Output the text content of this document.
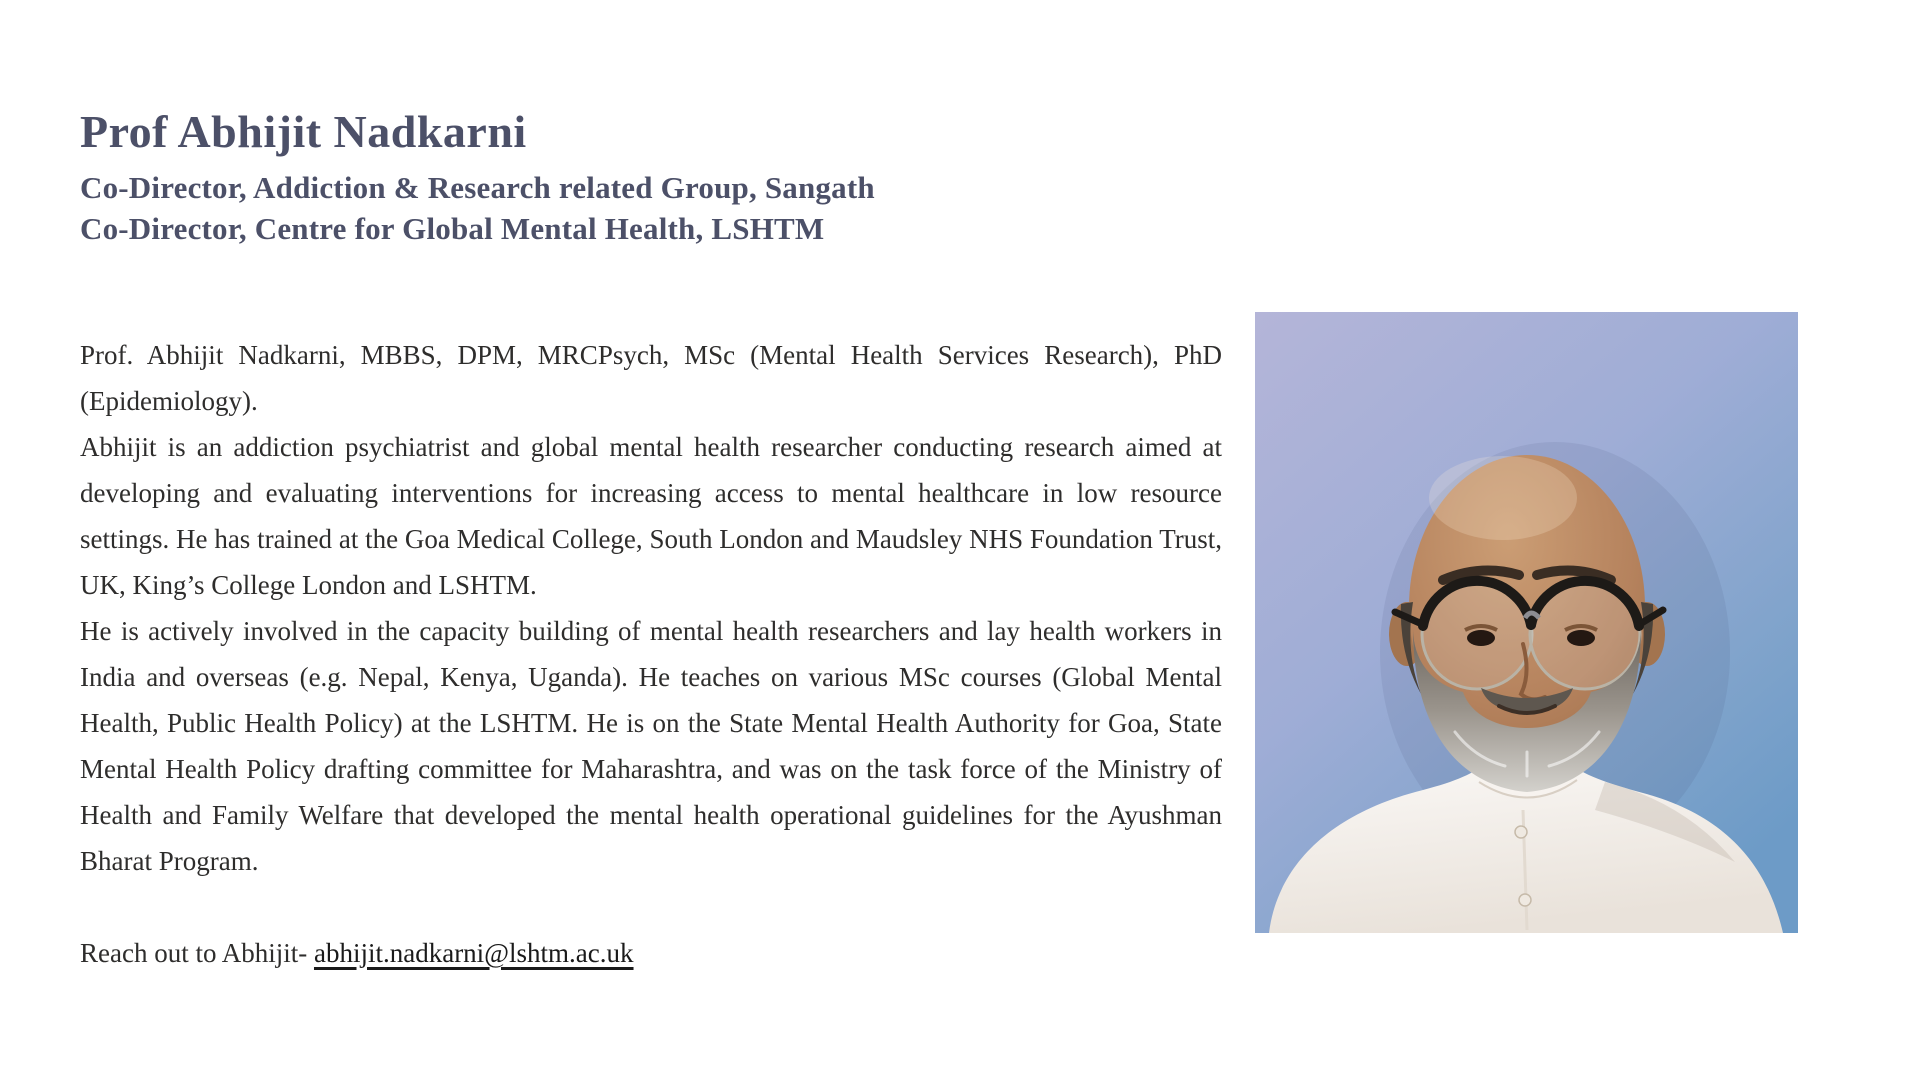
Prof Abhijit Nadkarni
Co-Director, Addiction & Research related Group, Sangath
Co-Director, Centre for Global Mental Health, LSHTM

Prof. Abhijit Nadkarni, MBBS, DPM, MRCPsych, MSc (Mental Health Services Research), PhD (Epidemiology).

Abhijit is an addiction psychiatrist and global mental health researcher conducting research aimed at developing and evaluating interventions for increasing access to mental healthcare in low resource settings. He has trained at the Goa Medical College, South London and Maudsley NHS Foundation Trust, UK, King’s College London and LSHTM.

He is actively involved in the capacity building of mental health researchers and lay health workers in India and overseas (e.g. Nepal, Kenya, Uganda). He teaches on various MSc courses (Global Mental Health, Public Health Policy) at the LSHTM. He is on the State Mental Health Authority for Goa, State Mental Health Policy drafting committee for Maharashtra, and was on the task force of the Ministry of Health and Family Welfare that developed the mental health operational guidelines for the Ayushman Bharat Program.

Reach out to Abhijit- abhijit.nadkarni@lshtm.ac.uk
